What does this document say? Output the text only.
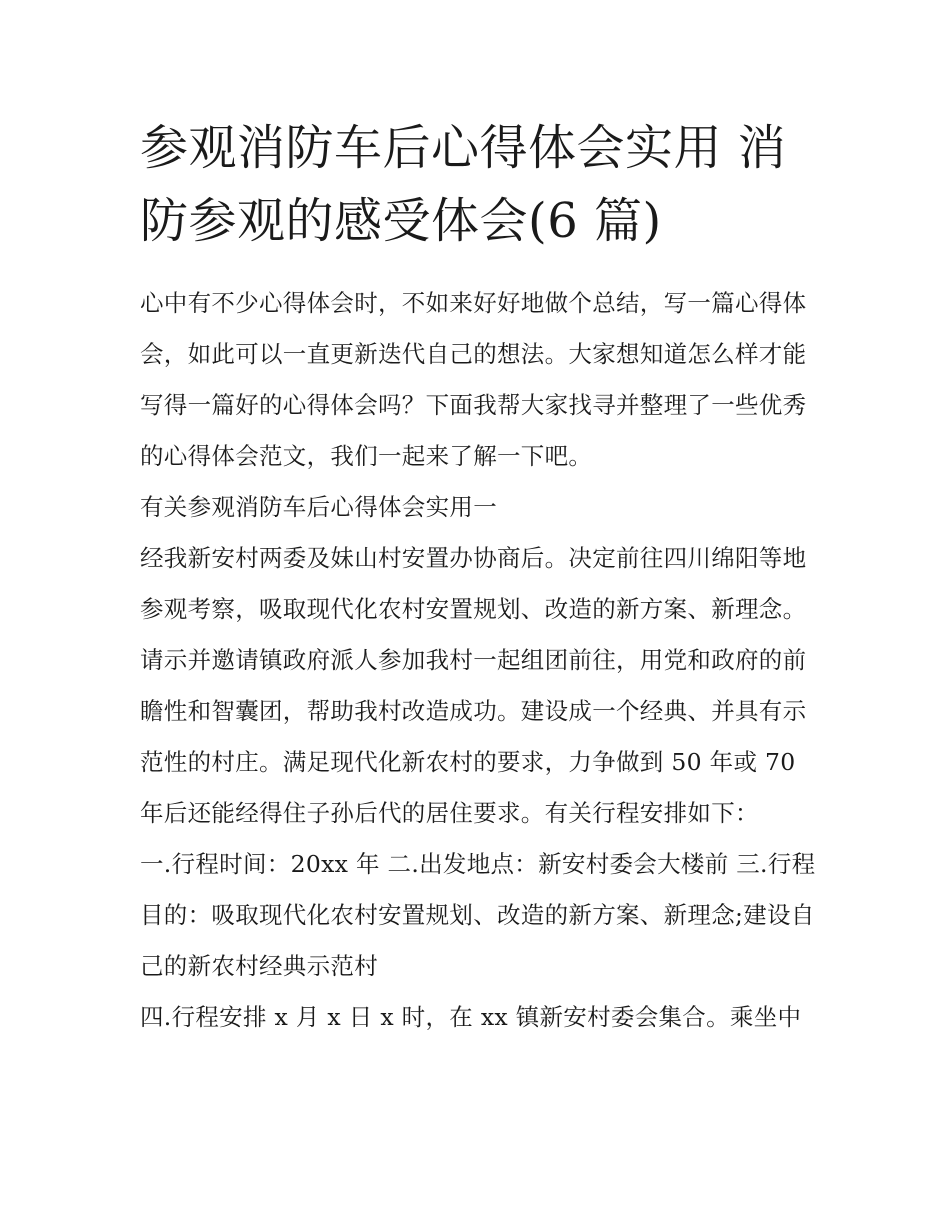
参观消防车后心得体会实用 消防参观的感受体会(6 篇)

心中有不少心得体会时，不如来好好地做个总结，写一篇心得体会，如此可以一直更新迭代自己的想法。大家想知道怎么样才能写得一篇好的心得体会吗？下面我帮大家找寻并整理了一些优秀的心得体会范文，我们一起来了解一下吧。

有关参观消防车后心得体会实用一

经我新安村两委及妹山村安置办协商后。决定前往四川绵阳等地参观考察，吸取现代化农村安置规划、改造的新方案、新理念。请示并邀请镇政府派人参加我村一起组团前往，用党和政府的前瞻性和智囊团，帮助我村改造成功。建设成一个经典、并具有示范性的村庄。满足现代化新农村的要求，力争做到 50 年或 70 年后还能经得住子孙后代的居住要求。有关行程安排如下：

一.行程时间：20xx 年 二.出发地点：新安村委会大楼前 三.行程目的：吸取现代化农村安置规划、改造的新方案、新理念;建设自己的新农村经典示范村

四.行程安排 x 月 x 日 x 时，在 xx 镇新安村委会集合。乘坐中
